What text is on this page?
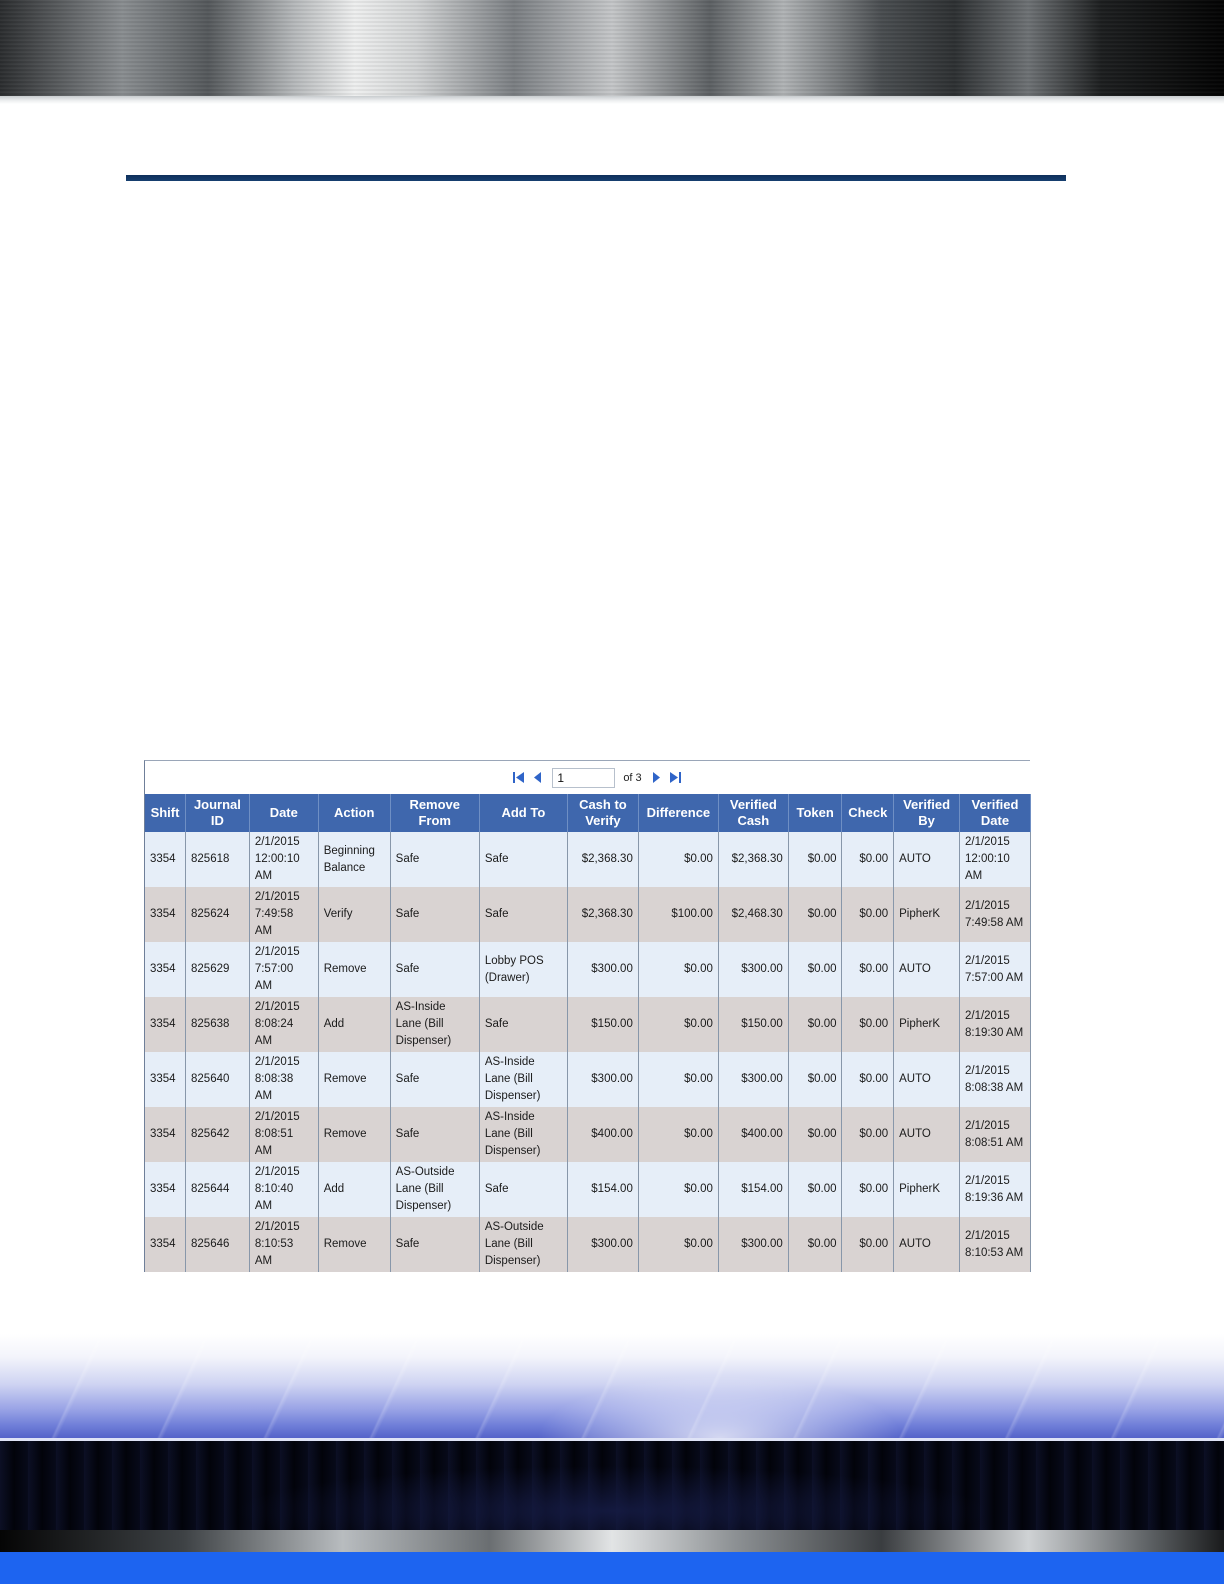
1
of 3
Shift	Journal ID	Date	Action	Remove From	Add To	Cash to Verify	Difference	Verified Cash	Token	Check	Verified By	Verified Date
3354	825618	2/1/2015 12:00:10 AM	Beginning Balance	Safe	Safe	$2,368.30	$0.00	$2,368.30	$0.00	$0.00	AUTO	2/1/2015 12:00:10 AM
3354	825624	2/1/2015 7:49:58 AM	Verify	Safe	Safe	$2,368.30	$100.00	$2,468.30	$0.00	$0.00	PipherK	2/1/2015 7:49:58 AM
3354	825629	2/1/2015 7:57:00 AM	Remove	Safe	Lobby POS (Drawer)	$300.00	$0.00	$300.00	$0.00	$0.00	AUTO	2/1/2015 7:57:00 AM
3354	825638	2/1/2015 8:08:24 AM	Add	AS-Inside Lane (Bill Dispenser)	Safe	$150.00	$0.00	$150.00	$0.00	$0.00	PipherK	2/1/2015 8:19:30 AM
3354	825640	2/1/2015 8:08:38 AM	Remove	Safe	AS-Inside Lane (Bill Dispenser)	$300.00	$0.00	$300.00	$0.00	$0.00	AUTO	2/1/2015 8:08:38 AM
3354	825642	2/1/2015 8:08:51 AM	Remove	Safe	AS-Inside Lane (Bill Dispenser)	$400.00	$0.00	$400.00	$0.00	$0.00	AUTO	2/1/2015 8:08:51 AM
3354	825644	2/1/2015 8:10:40 AM	Add	AS-Outside Lane (Bill Dispenser)	Safe	$154.00	$0.00	$154.00	$0.00	$0.00	PipherK	2/1/2015 8:19:36 AM
3354	825646	2/1/2015 8:10:53 AM	Remove	Safe	AS-Outside Lane (Bill Dispenser)	$300.00	$0.00	$300.00	$0.00	$0.00	AUTO	2/1/2015 8:10:53 AM
